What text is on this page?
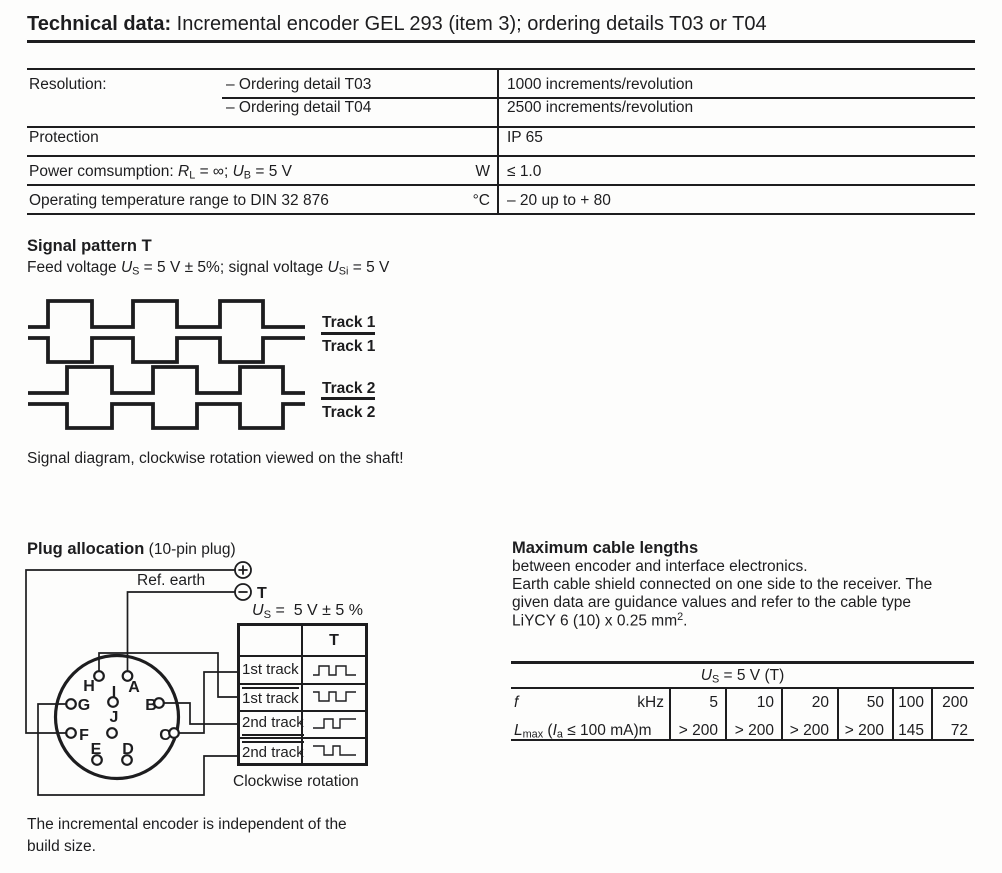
Technical data: Incremental encoder GEL 293 (item 3); ordering details T03 or T04
Resolution:	– Ordering detail T03	1000 increments/revolution
– Ordering detail T04	2500 increments/revolution
Protection	IP 65
Power comsumption: RL = ∞; UB = 5 V	W ≤ 1.0
Operating temperature range to DIN 32 876	°C – 20 up to + 80
Signal pattern T
Feed voltage US = 5 V ± 5%; signal voltage USi = 5 V
Track 1
Track 1
Track 2
Track 2
Signal diagram, clockwise rotation viewed on the shaft!
Plug allocation (10-pin plug)
H A
I
G	B
J
F	C
E D
Ref. earth
T
US =  5 V ± 5 %
T
1st track
1st track
2nd track
2nd track
Clockwise rotation
The incremental encoder is independent of the
build size.
Maximum cable lengths
between encoder and interface electronics.
Earth cable shield connected on one side to the receiver. The
given data are guidance values and refer to the cable type
LiYCY 6 (10) x 0.25 $mm^2$.
US = 5 V (T)
f	kHz	5	10	20	50 100	200
Lmax (Ia ≤ 100 mA)m	> 200	> 200	> 200	> 200 145	72
